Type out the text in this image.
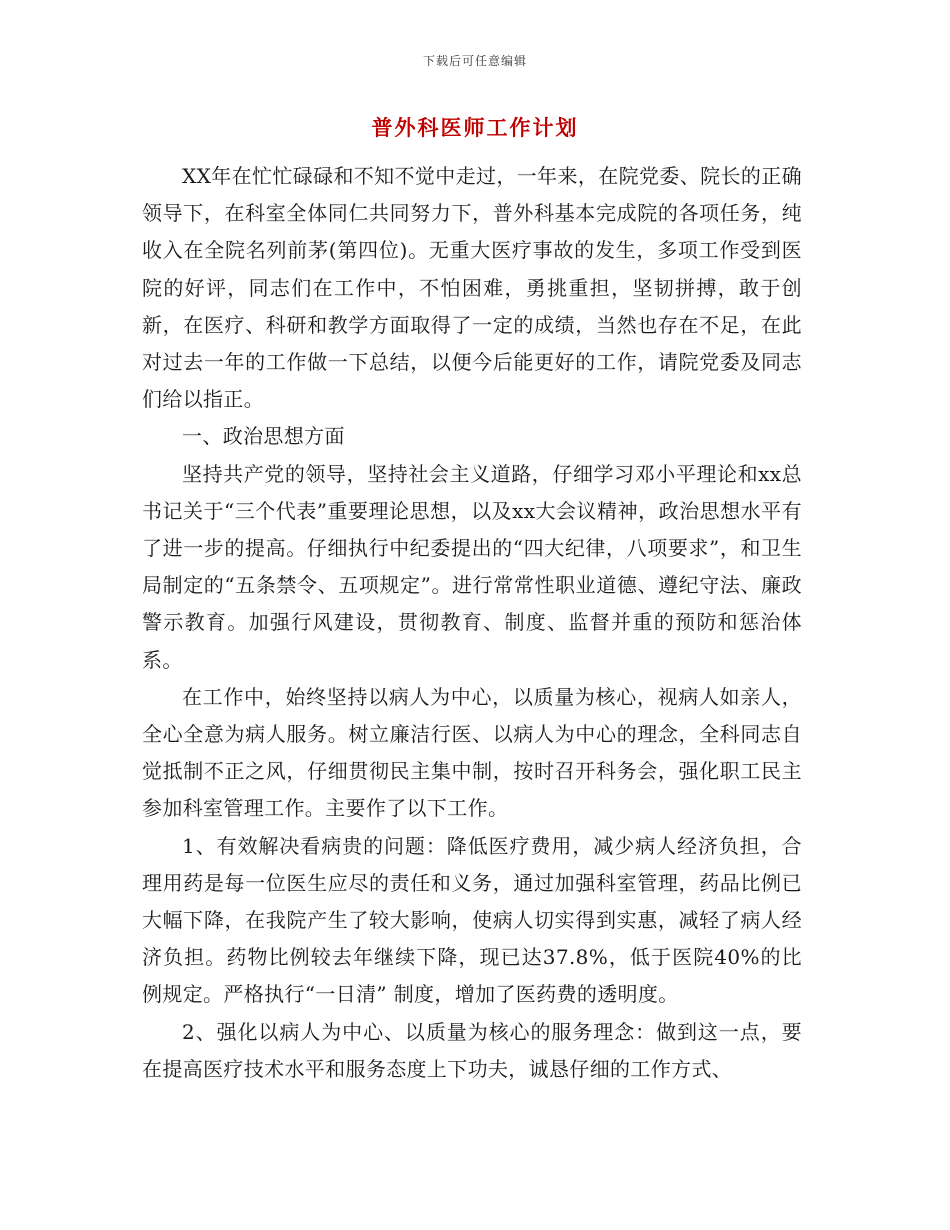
下载后可任意编辑
普外科医师工作计划

XX年在忙忙碌碌和不知不觉中走过，一年来，在院党委、院长的正确领导下，在科室全体同仁共同努力下，普外科基本完成院的各项任务，纯收入在全院名列前茅(第四位)。无重大医疗事故的发生，多项工作受到医院的好评，同志们在工作中，不怕困难，勇挑重担，坚韧拼搏，敢于创新，在医疗、科研和教学方面取得了一定的成绩，当然也存在不足，在此对过去一年的工作做一下总结，以便今后能更好的工作，请院党委及同志们给以指正。

一、政治思想方面

坚持共产党的领导，坚持社会主义道路，仔细学习邓小平理论和xx总书记关于“三个代表”重要理论思想，以及xx大会议精神，政治思想水平有了进一步的提高。仔细执行中纪委提出的“四大纪律，八项要求”，和卫生局制定的“五条禁令、五项规定”。进行常常性职业道德、遵纪守法、廉政警示教育。加强行风建设，贯彻教育、制度、监督并重的预防和惩治体系。

在工作中，始终坚持以病人为中心，以质量为核心，视病人如亲人，全心全意为病人服务。树立廉洁行医、以病人为中心的理念，全科同志自觉抵制不正之风，仔细贯彻民主集中制，按时召开科务会，强化职工民主参加科室管理工作。主要作了以下工作。

1、有效解决看病贵的问题：降低医疗费用，减少病人经济负担，合理用药是每一位医生应尽的责任和义务，通过加强科室管理，药品比例已大幅下降，在我院产生了较大影响，使病人切实得到实惠，减轻了病人经济负担。药物比例较去年继续下降，现已达37.8%，低于医院40%的比例规定。严格执行“一日清” 制度，增加了医药费的透明度。

2、强化以病人为中心、以质量为核心的服务理念：做到这一点，要在提高医疗技术水平和服务态度上下功夫，诚恳仔细的工作方式、
